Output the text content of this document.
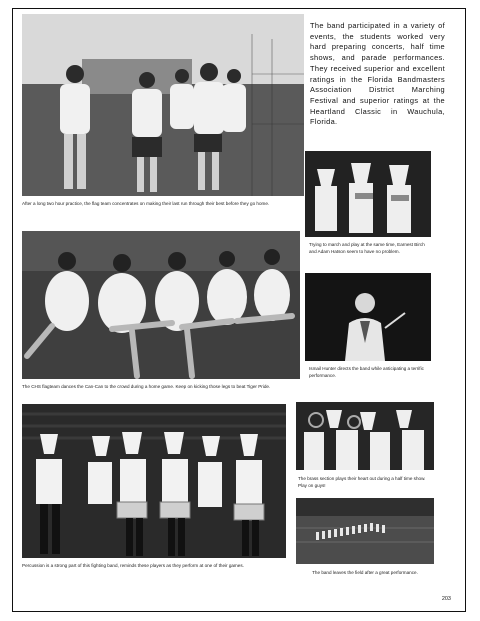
After a long two hour practice, the flag team concentrates on making their last run through their best before they go home.
The band participated in a variety of events, the students worked very hard preparing concerts, half time shows, and parade performances. They received superior and excellent ratings in the Florida Bandmasters Association District Marching Festival and superior ratings at the Heartland Classic in Wauchula, Florida.
Trying to march and play at the same time, Earnest Birch and Adam Hatson seem to have no problem.
The CHS flagteam dances the Can-Can to the crowd during a home game. Keep on kicking those legs to beat Tiger Pride.
Ismail Hunter directs the band while anticipating a terrific performance.
Percussion is a strong part of this fighting band, reminds these players as they perform at one of their games.
The brass section plays their heart out during a half time show. Play on guys!
The band leaves the field after a great performance.
203
